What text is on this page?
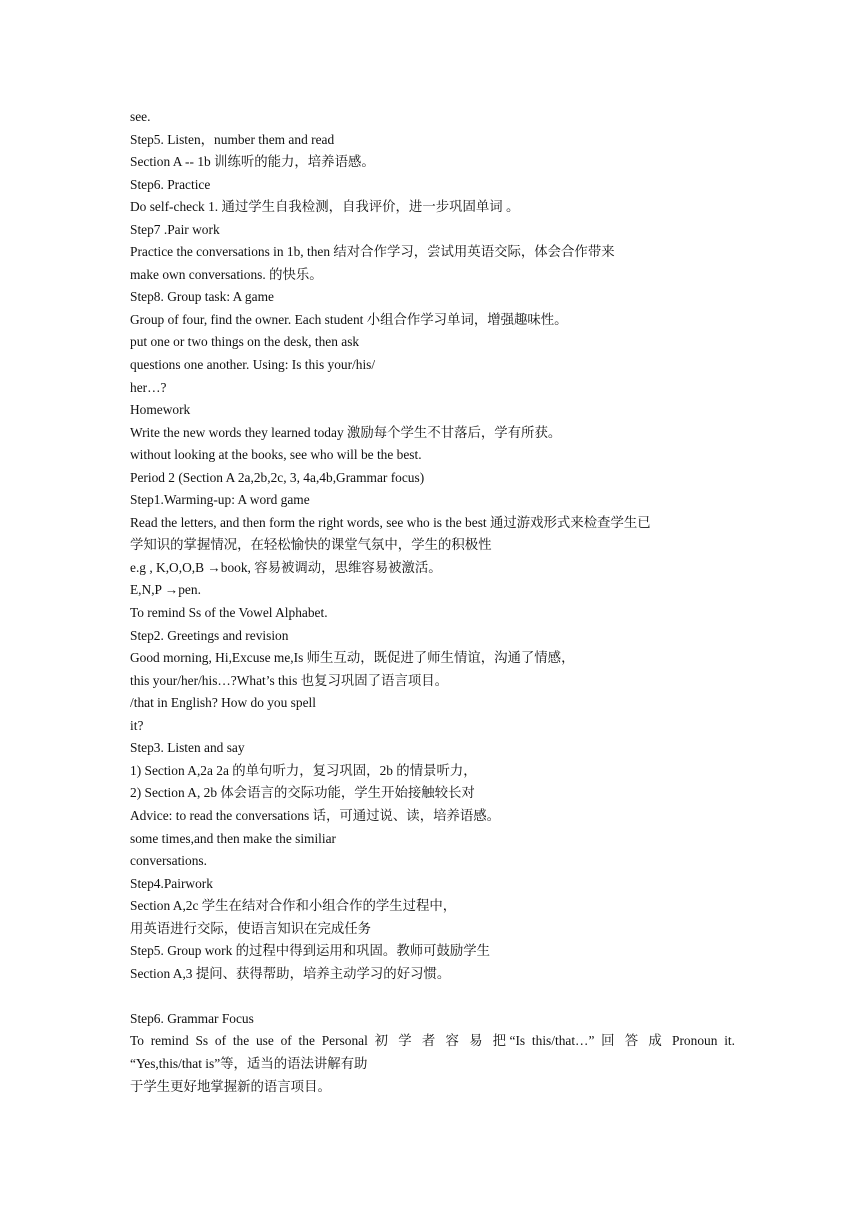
see.
Step5. Listen，number them and read
Section A -- 1b 训练听的能力，培养语感。
Step6. Practice
Do self-check 1. 通过学生自我检测，自我评价，进一步巩固单词 。
Step7 .Pair work
Practice the conversations in 1b, then 结对合作学习，尝试用英语交际，体会合作带来
make own conversations. 的快乐。
Step8. Group task: A game
Group of four, find the owner. Each student 小组合作学习单词，增强趣味性。
put one or two things on the desk, then ask
questions one another. Using: Is this your/his/
her…?
Homework
Write the new words they learned today 激励每个学生不甘落后，学有所获。
without looking at the books, see who will be the best.
Period 2 (Section A 2a,2b,2c, 3, 4a,4b,Grammar focus)
Step1.Warming-up: A word game
Read the letters, and then form the right words, see who is the best 通过游戏形式来检查学生已
学知识的掌握情况，在轻松愉快的课堂气氛中，学生的积极性
e.g , K,O,O,B →book, 容易被调动，思维容易被激活。
E,N,P →pen.
To remind Ss of the Vowel Alphabet.
Step2. Greetings and revision
Good morning, Hi,Excuse me,Is 师生互动，既促进了师生情谊，沟通了情感，
this your/her/his…?What’s this 也复习巩固了语言项目。
/that in English? How do you spell
it?
Step3. Listen and say
1) Section A,2a 2a 的单句听力，复习巩固，2b 的情景听力，
2) Section A, 2b 体会语言的交际功能，学生开始接触较长对
Advice: to read the conversations 话，可通过说、读，培养语感。
some times,and then make the similiar
conversations.
Step4.Pairwork
Section A,2c 学生在结对合作和小组合作的学生过程中，
用英语进行交际，使语言知识在完成任务
Step5. Group work 的过程中得到运用和巩固。教师可鼓励学生
Section A,3 提问、获得帮助，培养主动学习的好习惯。
Step6. Grammar Focus
To remind Ss of the use of the Personal 初 学 者 容 易 把“Is this/that…” 回 答 成 Pronoun it.
“Yes,this/that is”等，适当的语法讲解有助
于学生更好地掌握新的语言项目。
